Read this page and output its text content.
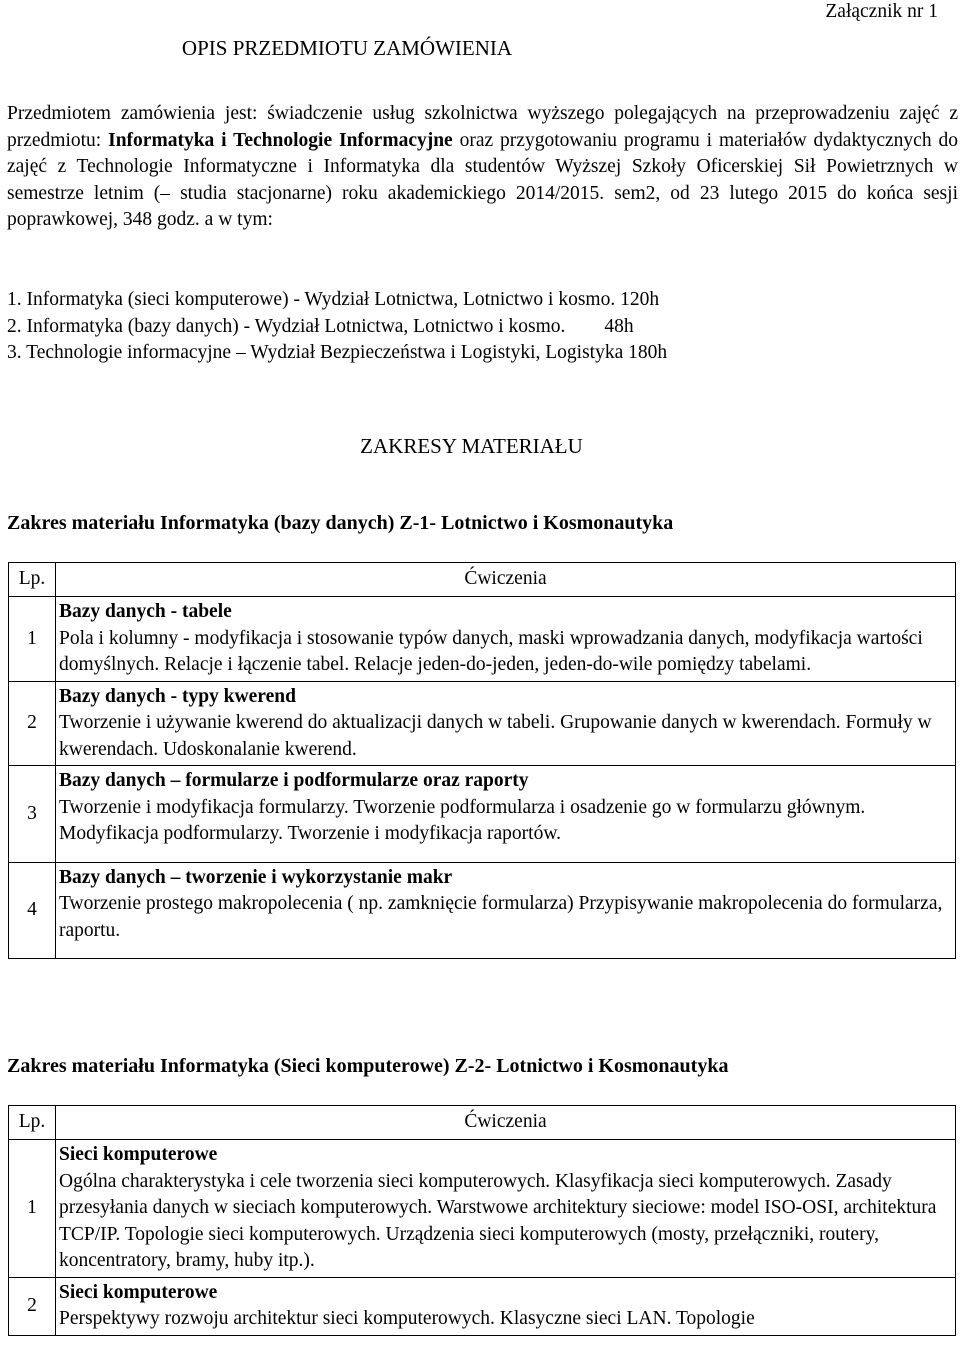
Załącznik nr 1
OPIS PRZEDMIOTU ZAMÓWIENIA

Przedmiotem zamówienia jest: świadczenie usług szkolnictwa wyższego polegających na przeprowadzeniu zajęć z przedmiotu: Informatyka i Technologie Informacyjne oraz przygotowaniu programu i materiałów dydaktycznych do zajęć z Technologie Informatyczne i Informatyka dla studentów Wyższej Szkoły Oficerskiej Sił Powietrznych w semestrze letnim (– studia stacjonarne) roku akademickiego 2014/2015. sem2, od 23 lutego 2015 do końca sesji poprawkowej, 348 godz. a w tym:

1. Informatyka (sieci komputerowe) - Wydział Lotnictwa, Lotnictwo i kosmo. 120h
2. Informatyka (bazy danych) - Wydział Lotnictwa, Lotnictwo i kosmo.        48h
3. Technologie informacyjne – Wydział Bezpieczeństwa i Logistyki, Logistyka 180h
ZAKRESY MATERIAŁU
Zakres materiału Informatyka (bazy danych) Z-1- Lotnictwo i Kosmonautyka
Lp.	Ćwiczenia
1	Bazy danych - tabele
Pola i kolumny - modyfikacja i stosowanie typów danych, maski wprowadzania danych, modyfikacja wartości domyślnych. Relacje i łączenie tabel. Relacje jeden-do-jeden, jeden-do-wile pomiędzy tabelami.

2	Bazy danych - typy kwerend
Tworzenie i używanie kwerend do aktualizacji danych w tabeli. Grupowanie danych w kwerendach. Formuły w kwerendach. Udoskonalanie kwerend.

3	Bazy danych – formularze i podformularze oraz raporty
Tworzenie i modyfikacja formularzy. Tworzenie podformularza i osadzenie go w formularzu głównym. Modyfikacja podformularzy. Tworzenie i modyfikacja raportów.

4	Bazy danych – tworzenie i wykorzystanie makr
Tworzenie prostego makropolecenia ( np. zamknięcie formularza) Przypisywanie makropolecenia do formularza, raportu.
Zakres materiału Informatyka (Sieci komputerowe) Z-2- Lotnictwo i Kosmonautyka
Lp.	Ćwiczenia
1	Sieci komputerowe
Ogólna charakterystyka i cele tworzenia sieci komputerowych. Klasyfikacja sieci komputerowych. Zasady przesyłania danych w sieciach komputerowych. Warstwowe architektury sieciowe: model ISO-OSI, architektura TCP/IP. Topologie sieci komputerowych. Urządzenia sieci komputerowych (mosty, przełączniki, routery, koncentratory, bramy, huby itp.).

2	Sieci komputerowe
Perspektywy rozwoju architektur sieci komputerowych. Klasyczne sieci LAN. Topologie
